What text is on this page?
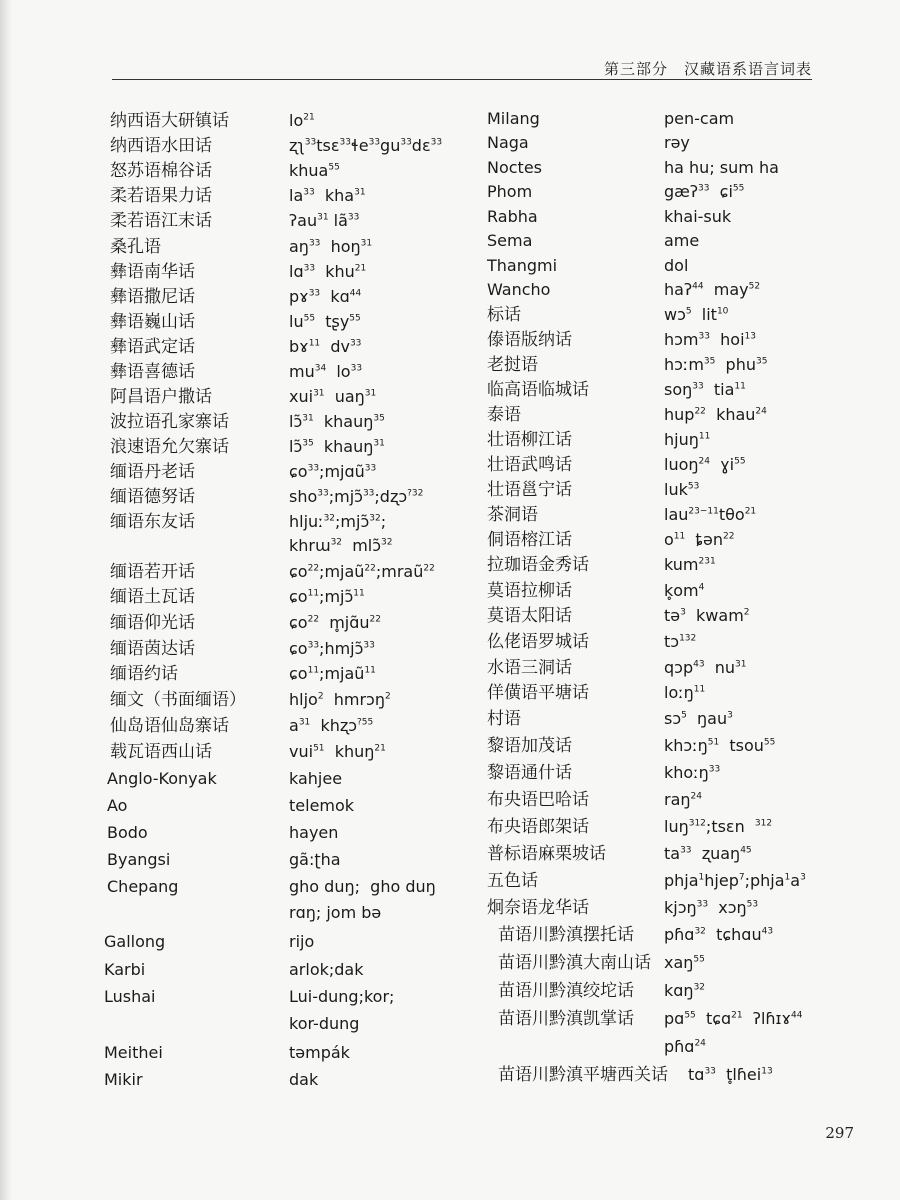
第三部分　汉藏语系语言词表
纳西语大研镇话	$lo^{21}$
纳西语水田话	$ʐʅ^{33}tsɛ^{33}ɬe^{33}gu^{33}dɛ^{33}$
怒苏语棉谷话	khua$^{55}$
柔若语果力话	$la^{33}$  kha$^{31}$
柔若语江末话	ʔau$^{31}$ $lã^{33}$
桑孔语	$aŋ^{33}$  hoŋ$^{31}$
彝语南华话	lɑ$^{33}$  khu$^{21}$
彝语撒尼话	pɤ$^{33}$  kɑ$^{44}$
彝语巍山话	$lu^{55}$  tʂy$^{55}$
彝语武定话	bɤ$^{11}$  $dv^{33}$
彝语喜德话	$mu^{34}$  $lo^{33}$
阿昌语户撒话	xui$^{31}$  uaŋ$^{31}$
波拉语孔家寨话	lɔ̃$^{31}$  khauŋ$^{35}$
浪速语允欠寨话	lɔ̃$^{35}$  khauŋ$^{31}$
缅语丹老话	ɕo$^{33}$;mjɑũ$^{33}$
缅语德努话	sho$^{33}$;mjɔ̃$^{33}$;dʐɔ$^{?32}$
缅语东友话	hljuː$^{32}$;mjɔ̃$^{32}$;
khrɯ$^{32}$  mlɔ̃$^{32}$
缅语若开话	ɕo$^{22}$;mjaũ$^{22}$;mraũ$^{22}$
缅语土瓦话	ɕo$^{11}$;mjɔ̃$^{11}$
缅语仰光话	ɕo$^{22}$  $m̥jɑ̃u^{22}$
缅语茵达话	ɕo$^{33}$;hmjɔ̃$^{33}$
缅语约话	ɕo$^{11}$;mjaũ$^{11}$
缅文（书面缅语）	hljo$^2$  hmrɔŋ$^2$
仙岛语仙岛寨话	$a^{31}$  khʐɔ$^{?55}$
载瓦语西山话	vui$^{51}$  khuŋ$^{21}$
Anglo-Konyak	kahjee
Ao	telemok
Bodo	hayen
Byangsi	gã:ʈha
Chepang	gho duŋ;  gho duŋ
rɑŋ; jom bə
Gallong	rijo
Karbi	arlok;dak
Lushai	Lui-dung;kor;
kor-dung
Meithei	təmpák
Mikir	dak
Milang	pen-cam
Naga	rəy
Noctes	ha hu; sum ha
Phom	gæʔ$^{33}$  ɕi$^{55}$
Rabha	khai-suk
Sema	ame
Thangmi	dol
Wancho	haʔ$^{44}$  may$^{52}$
标话	wɔ$^5$  lit$^{10}$
傣语版纳话	hɔm$^{33}$  hoi$^{13}$
老挝语	hɔːm$^{35}$  phu$^{35}$
临高语临城话	soŋ$^{33}$  tia$^{11}$
泰语	hup$^{22}$  khau$^{24}$
壮语柳江话	hjuŋ$^{11}$
壮语武鸣话	luoŋ$^{24}$  ɣi$^{55}$
壮语邕宁话	luk$^{53}$
茶洞语	lau$^{23-11}$tθo$^{21}$
侗语榕江话	$o^{11}$  ȶən$^{22}$
拉珈语金秀话	kum$^{231}$
莫语拉柳话	$k̥om^4$
莫语太阳话	tə$^3$  kwam$^2$
仫佬语罗城话	tɔ$^{132}$
水语三洞话	qɔp$^{43}$  $nu^{31}$
佯僙语平塘话	loːŋ$^{11}$
村语	sɔ$^5$  ŋau$^3$
黎语加茂话	khɔːŋ$^{51}$  tsou$^{55}$
黎语通什话	khoːŋ$^{33}$
布央语巴哈话	raŋ$^{24}$
布央语郎架话	luŋ$^{312}$;tsɛn  $^{312}$
普标语麻栗坡话	$ta^{33}$  ʐuaŋ$^{45}$
五色话	$phja^1hjep^7;phja^1a^3$
炯奈语龙华话	kjɔŋ$^{33}$  xɔŋ$^{53}$
苗语川黔滇摆托话 pɦɑ$^{32}$  tɕhɑu$^{43}$
苗语川黔滇大南山话 xaŋ$^{55}$
苗语川黔滇绞坨话 kɑŋ$^{32}$
苗语川黔滇凯掌话 pɑ$^{55}$  tɕɑ$^{21}$  ʔlɦɪɤ$^{44}$
pɦɑ$^{24}$
苗语川黔滇平塘西关话 tɑ$^{33}$  t̥lɦei$^{13}$
297
